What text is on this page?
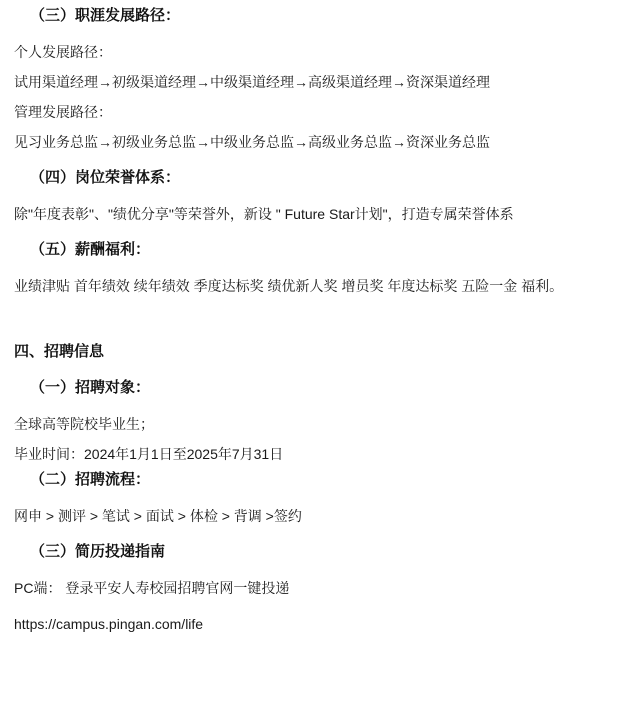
（三）职涯发展路径：
个人发展路径：
试用渠道经理→初级渠道经理→中级渠道经理→高级渠道经理→资深渠道经理
管理发展路径：
见习业务总监→初级业务总监→中级业务总监→高级业务总监→资深业务总监
（四）岗位荣誉体系：
除"年度表彰"、"绩优分享"等荣誉外，新设 " Future Star计划"，打造专属荣誉体系
（五）薪酬福利：
业绩津贴 首年绩效 续年绩效 季度达标奖 绩优新人奖 增员奖 年度达标奖 五险一金 福利。
四、招聘信息
（一）招聘对象：
全球高等院校毕业生；
毕业时间：2024年1月1日至2025年7月31日
（二）招聘流程：
网申 > 测评 > 笔试 > 面试 > 体检 > 背调 >签约
（三）简历投递指南
PC端： 登录平安人寿校园招聘官网一键投递
https://campus.pingan.com/life
